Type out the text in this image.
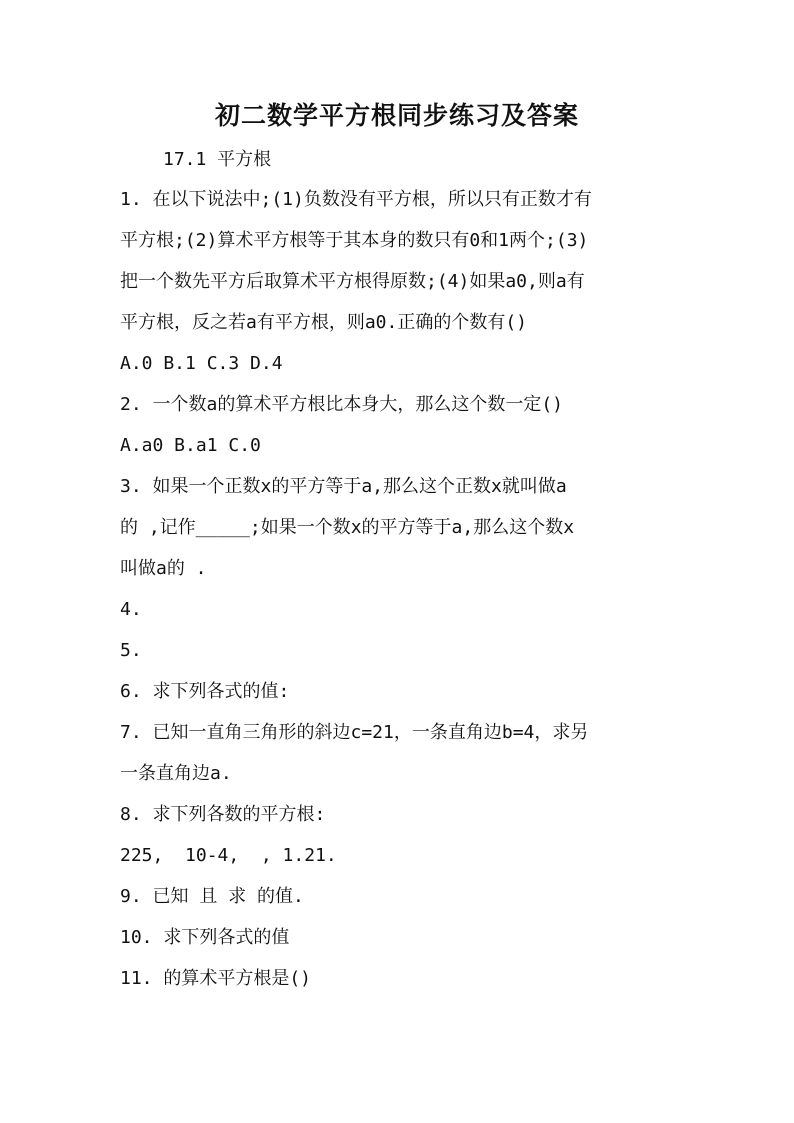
初二数学平方根同步练习及答案
17.1 平方根
1. 在以下说法中;(1)负数没有平方根，所以只有正数才有
平方根;(2)算术平方根等于其本身的数只有0和1两个;(3)
把一个数先平方后取算术平方根得原数;(4)如果a0,则a有
平方根，反之若a有平方根，则a0.正确的个数有()
A.0 B.1 C.3 D.4
2. 一个数a的算术平方根比本身大，那么这个数一定()
A.a0 B.a1 C.0
3. 如果一个正数x的平方等于a,那么这个正数x就叫做a
的 ,记作_____;如果一个数x的平方等于a,那么这个数x
叫做a的 .
4.
5.
6. 求下列各式的值:
7. 已知一直角三角形的斜边c=21，一条直角边b=4，求另
一条直角边a.
8. 求下列各数的平方根:
225,  10-4,  , 1.21.
9. 已知 且 求 的值.
10. 求下列各式的值
11. 的算术平方根是()
